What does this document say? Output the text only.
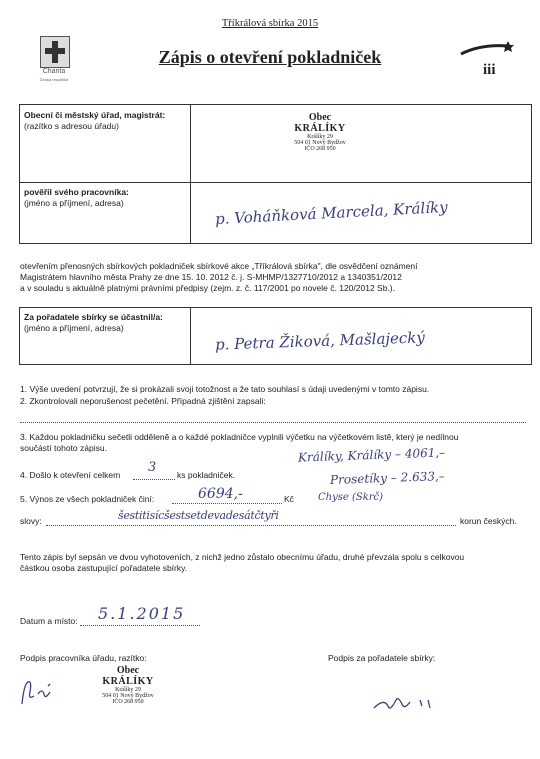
Tříkrálová sbírka 2015
Charita
Česká republika
Zápis o otevření pokladniček
iii
Obecní či městský úřad, magistrát:
(razítko s adresou úřadu)
Obec
KRÁLÍKY
Králíky 29
504 01 Nový Bydžov
IČO 268 950
pověřil svého pracovníka:
(jméno a příjmení, adresa)	p. Voháňková Marcela, Králíky
otevřením přenosných sbírkových pokladniček sbírkové akce „Tříkrálová sbírka", dle osvědčení oznámení
Magistrátem hlavního města Prahy ze dne 15. 10. 2012 č. j. S-MHMP/1327710/2012 a 1340351/2012
a v souladu s aktuálně platnými právními předpisy (zejm. z. č. 117/2001 po novele č. 120/2012 Sb.).
Za pořadatele sbírky se účastnil/a:
(jméno a příjmení, adresa)
p. Petra Žiková, Mašlajecký
1. Výše uvedení potvrzují, že si prokázali svoji totožnost a že tato souhlasí s údaji uvedenými v tomto zápisu.
2. Zkontrolovali neporušenost pečetění. Případná zjištění zapsali:
3. Každou pokladničku sečetli odděleně a o každé pokladničce vyplnili výčetku na výčetkovém listě, který je nedílnou
součástí tohoto zápisu.
4. Došlo k otevření celkem 3 ks pokladniček.
5. Výnos ze všech pokladniček činí:	6694,-	Kč
slovy:	šestitisícšestsetdevadesátčtyři	korun českých.
Králíky, Králíky – 4061,–
Prosetíky – 2.633,–
Chyse (Skrč)
Tento zápis byl sepsán ve dvou vyhotoveních, z nichž jedno zůstalo obecnímu úřadu, druhé převzala spolu s celkovou
částkou osoba zastupující pořadatele sbírky.
Datum a místo: 5.1.2015
Podpis pracovníka úřadu, razítko:	Podpis za pořadatele sbírky:
Obec
KRÁLÍKY
Králíky 29
504 01 Nový Bydžov
IČO 268 950
